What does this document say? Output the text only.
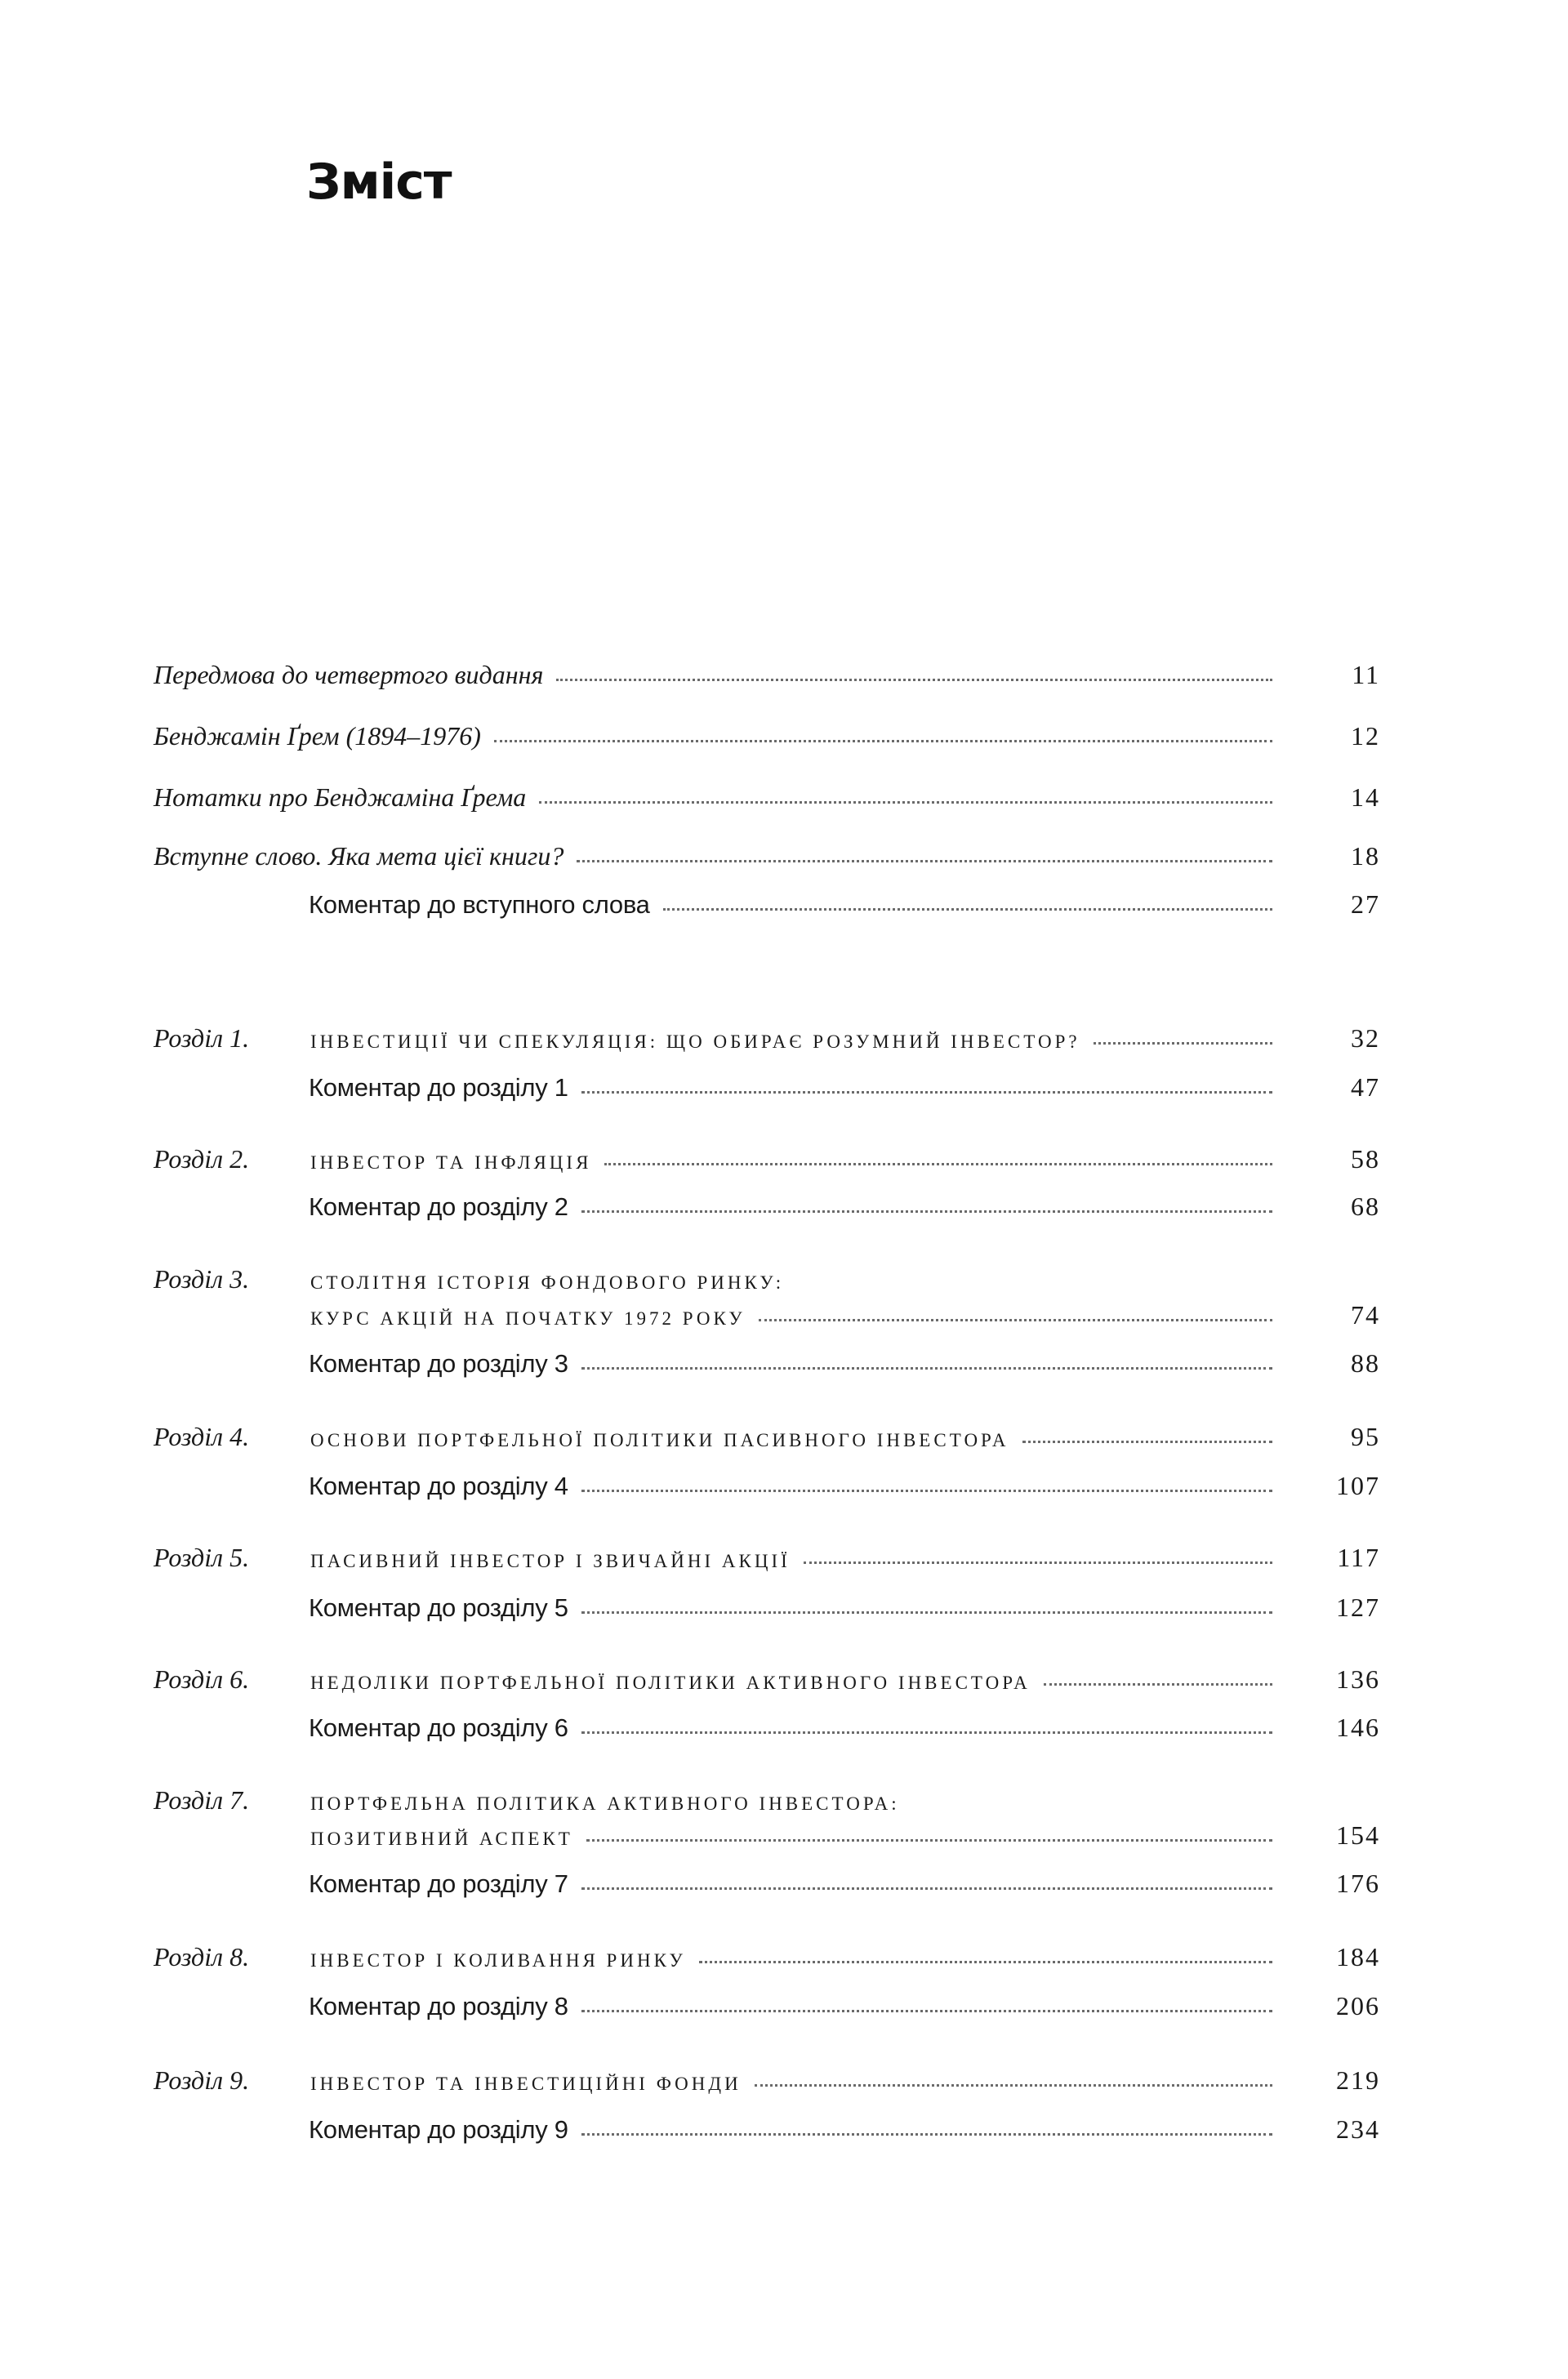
Зміст
Передмова до четвертого видання	11
Бенджамін Ґрем (1894–1976)	12
Нотатки про Бенджаміна Ґрема	14
Вступне слово. Яка мета цієї книги?	18
Коментар до вступного слова	27
Розділ 1.	ІНВЕСТИЦІЇ ЧИ СПЕКУЛЯЦІЯ: ЩО ОБИРАЄ РОЗУМНИЙ ІНВЕСТОР?	32
Коментар до розділу 1	47
Розділ 2.	ІНВЕСТОР ТА ІНФЛЯЦІЯ	58
Коментар до розділу 2	68
Розділ 3.	СТОЛІТНЯ ІСТОРІЯ ФОНДОВОГО РИНКУ:
КУРС АКЦІЙ НА ПОЧАТКУ 1972 РОКУ	74
Коментар до розділу 3	88
Розділ 4.	ОСНОВИ ПОРТФЕЛЬНОЇ ПОЛІТИКИ ПАСИВНОГО ІНВЕСТОРА	95
Коментар до розділу 4	107
Розділ 5.	ПАСИВНИЙ ІНВЕСТОР І ЗВИЧАЙНІ АКЦІЇ	117
Коментар до розділу 5	127
Розділ 6.	НЕДОЛІКИ ПОРТФЕЛЬНОЇ ПОЛІТИКИ АКТИВНОГО ІНВЕСТОРА	136
Коментар до розділу 6	146
Розділ 7.	ПОРТФЕЛЬНА ПОЛІТИКА АКТИВНОГО ІНВЕСТОРА:
ПОЗИТИВНИЙ АСПЕКТ	154
Коментар до розділу 7	176
Розділ 8.	ІНВЕСТОР І КОЛИВАННЯ РИНКУ	184
Коментар до розділу 8	206
Розділ 9.	ІНВЕСТОР ТА ІНВЕСТИЦІЙНІ ФОНДИ	219
Коментар до розділу 9	234
